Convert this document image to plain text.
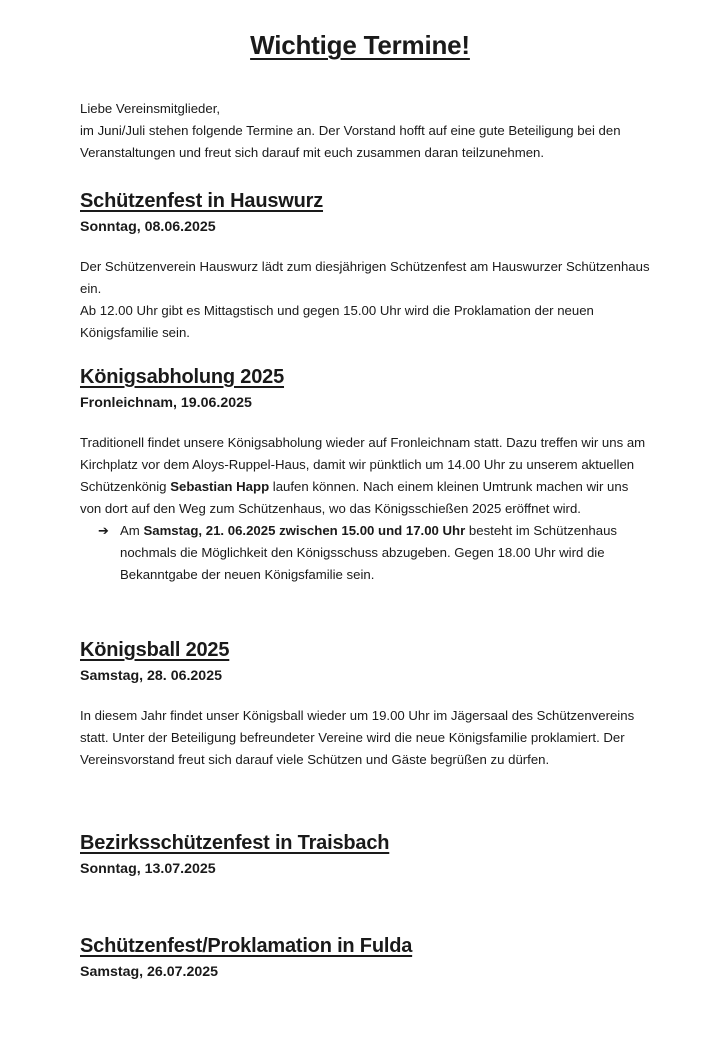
Wichtige Termine!

Liebe Vereinsmitglieder,

im Juni/Juli stehen folgende Termine an. Der Vorstand hofft auf eine gute Beteiligung bei den Veranstaltungen und freut sich darauf mit euch zusammen daran teilzunehmen.

Schützenfest in Hauswurz
Sonntag, 08.06.2025

Der Schützenverein Hauswurz lädt zum diesjährigen Schützenfest am Hauswurzer Schützenhaus ein.

Ab 12.00 Uhr gibt es Mittagstisch und gegen 15.00 Uhr wird die Proklamation der neuen Königsfamilie sein.

Königsabholung 2025
Fronleichnam, 19.06.2025

Traditionell findet unsere Königsabholung wieder auf Fronleichnam statt. Dazu treffen wir uns am Kirchplatz vor dem Aloys-Ruppel-Haus, damit wir pünktlich um 14.00 Uhr zu unserem aktuellen Schützenkönig Sebastian Happ laufen können. Nach einem kleinen Umtrunk machen wir uns von dort auf den Weg zum Schützenhaus, wo das Königsschießen 2025 eröffnet wird.

➔ Am Samstag, 21. 06.2025 zwischen 15.00 und 17.00 Uhr besteht im Schützenhaus nochmals die Möglichkeit den Königsschuss abzugeben. Gegen 18.00 Uhr wird die Bekanntgabe der neuen Königsfamilie sein.
Königsball 2025
Samstag, 28. 06.2025

In diesem Jahr findet unser Königsball wieder um 19.00 Uhr im Jägersaal des Schützenvereins statt. Unter der Beteiligung befreundeter Vereine wird die neue Königsfamilie proklamiert. Der Vereinsvorstand freut sich darauf viele Schützen und Gäste begrüßen zu dürfen.

Bezirksschützenfest in Traisbach
Sonntag, 13.07.2025
Schützenfest/Proklamation in Fulda
Samstag, 26.07.2025
